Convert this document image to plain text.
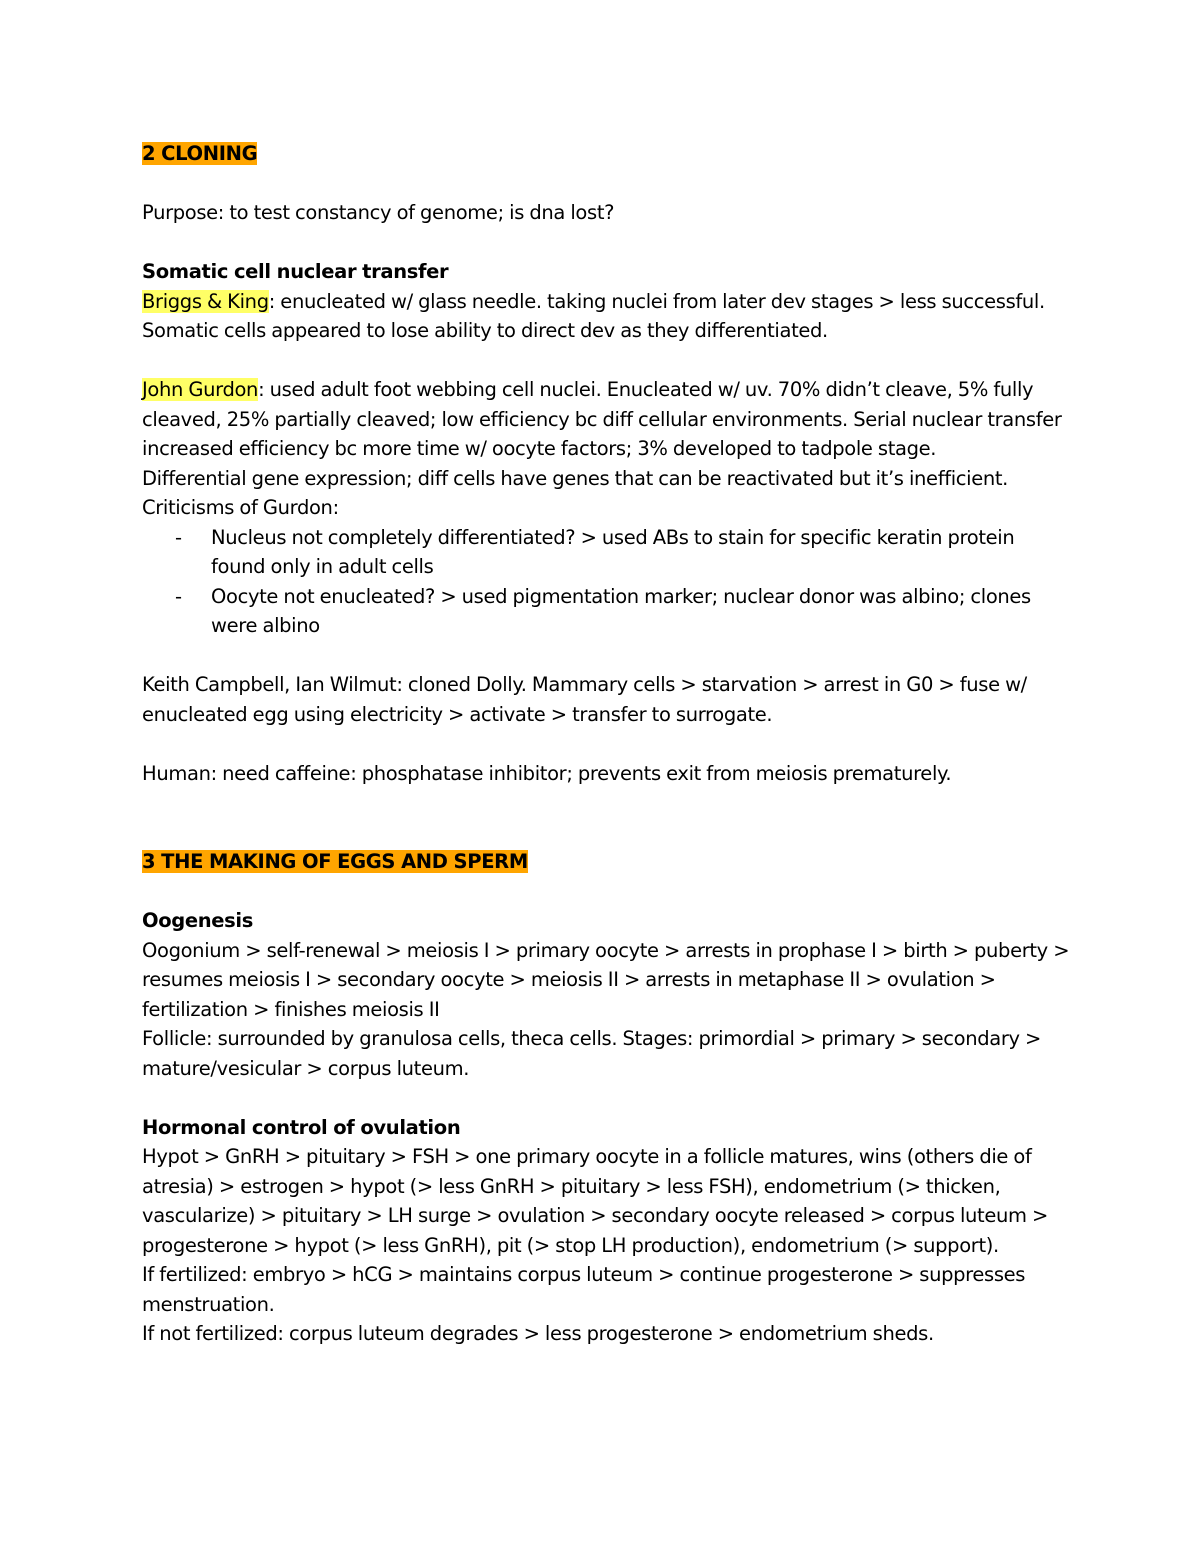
2 CLONING

Purpose: to test constancy of genome; is dna lost?

Somatic cell nuclear transfer

Briggs & King: enucleated w/ glass needle. taking nuclei from later dev stages > less successful. Somatic cells appeared to lose ability to direct dev as they differentiated.

John Gurdon: used adult foot webbing cell nuclei. Enucleated w/ uv. 70% didn’t cleave, 5% fully cleaved, 25% partially cleaved; low efficiency bc diff cellular environments. Serial nuclear transfer increased efficiency bc more time w/ oocyte factors; 3% developed to tadpole stage.

Differential gene expression; diff cells have genes that can be reactivated but it’s inefficient.

Criticisms of Gurdon:

- Nucleus not completely differentiated? > used ABs to stain for specific keratin protein found only in adult cells
- Oocyte not enucleated? > used pigmentation marker; nuclear donor was albino; clones were albino

Keith Campbell, Ian Wilmut: cloned Dolly. Mammary cells > starvation > arrest in G0 > fuse w/ enucleated egg using electricity > activate > transfer to surrogate.

Human: need caffeine: phosphatase inhibitor; prevents exit from meiosis prematurely.

3 THE MAKING OF EGGS AND SPERM

Oogenesis

Oogonium > self-renewal > meiosis I > primary oocyte > arrests in prophase I > birth > puberty > resumes meiosis I > secondary oocyte > meiosis II > arrests in metaphase II > ovulation > fertilization > finishes meiosis II

Follicle: surrounded by granulosa cells, theca cells. Stages: primordial > primary > secondary > mature/vesicular > corpus luteum.

Hormonal control of ovulation

Hypot > GnRH > pituitary > FSH > one primary oocyte in a follicle matures, wins (others die of atresia) > estrogen > hypot (> less GnRH > pituitary > less FSH), endometrium (> thicken, vascularize) > pituitary > LH surge > ovulation > secondary oocyte released > corpus luteum > progesterone > hypot (> less GnRH), pit (> stop LH production), endometrium (> support).

If fertilized: embryo > hCG > maintains corpus luteum > continue progesterone > suppresses menstruation.

If not fertilized: corpus luteum degrades > less progesterone > endometrium sheds.
